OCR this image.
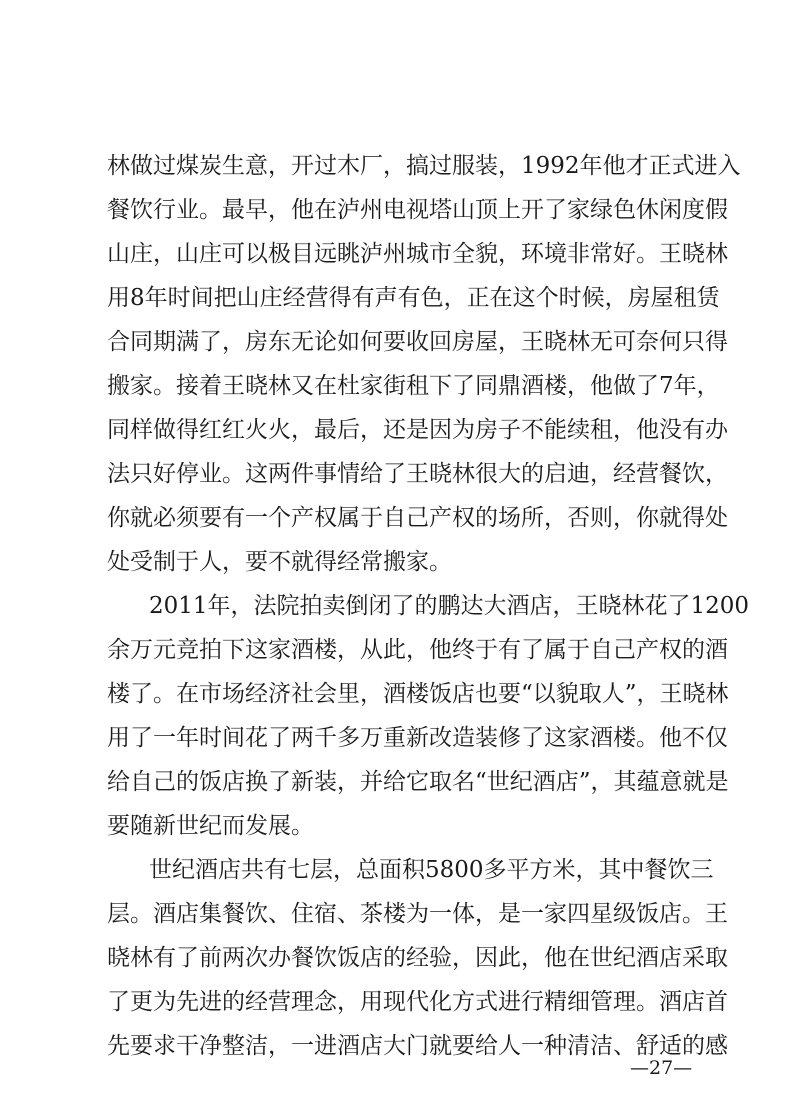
林做过煤炭生意，开过木厂，搞过服装，1992年他才正式进入
餐饮行业。最早，他在泸州电视塔山顶上开了家绿色休闲度假
山庄，山庄可以极目远眺泸州城市全貌，环境非常好。王晓林
用8年时间把山庄经营得有声有色，正在这个时候，房屋租赁
合同期满了，房东无论如何要收回房屋，王晓林无可奈何只得
搬家。接着王晓林又在杜家街租下了同鼎酒楼，他做了7年，
同样做得红红火火，最后，还是因为房子不能续租，他没有办
法只好停业。这两件事情给了王晓林很大的启迪，经营餐饮，
你就必须要有一个产权属于自己产权的场所，否则，你就得处
处受制于人，要不就得经常搬家。
2011年，法院拍卖倒闭了的鹏达大酒店，王晓林花了1200
余万元竞拍下这家酒楼，从此，他终于有了属于自己产权的酒
楼了。在市场经济社会里，酒楼饭店也要“以貌取人”，王晓林
用了一年时间花了两千多万重新改造装修了这家酒楼。他不仅
给自己的饭店换了新装，并给它取名“世纪酒店”，其蕴意就是
要随新世纪而发展。
世纪酒店共有七层，总面积5800多平方米，其中餐饮三
层。酒店集餐饮、住宿、茶楼为一体，是一家四星级饭店。王
晓林有了前两次办餐饮饭店的经验，因此，他在世纪酒店采取
了更为先进的经营理念，用现代化方式进行精细管理。酒店首
先要求干净整洁，一进酒店大门就要给人一种清洁、舒适的感
—27—
